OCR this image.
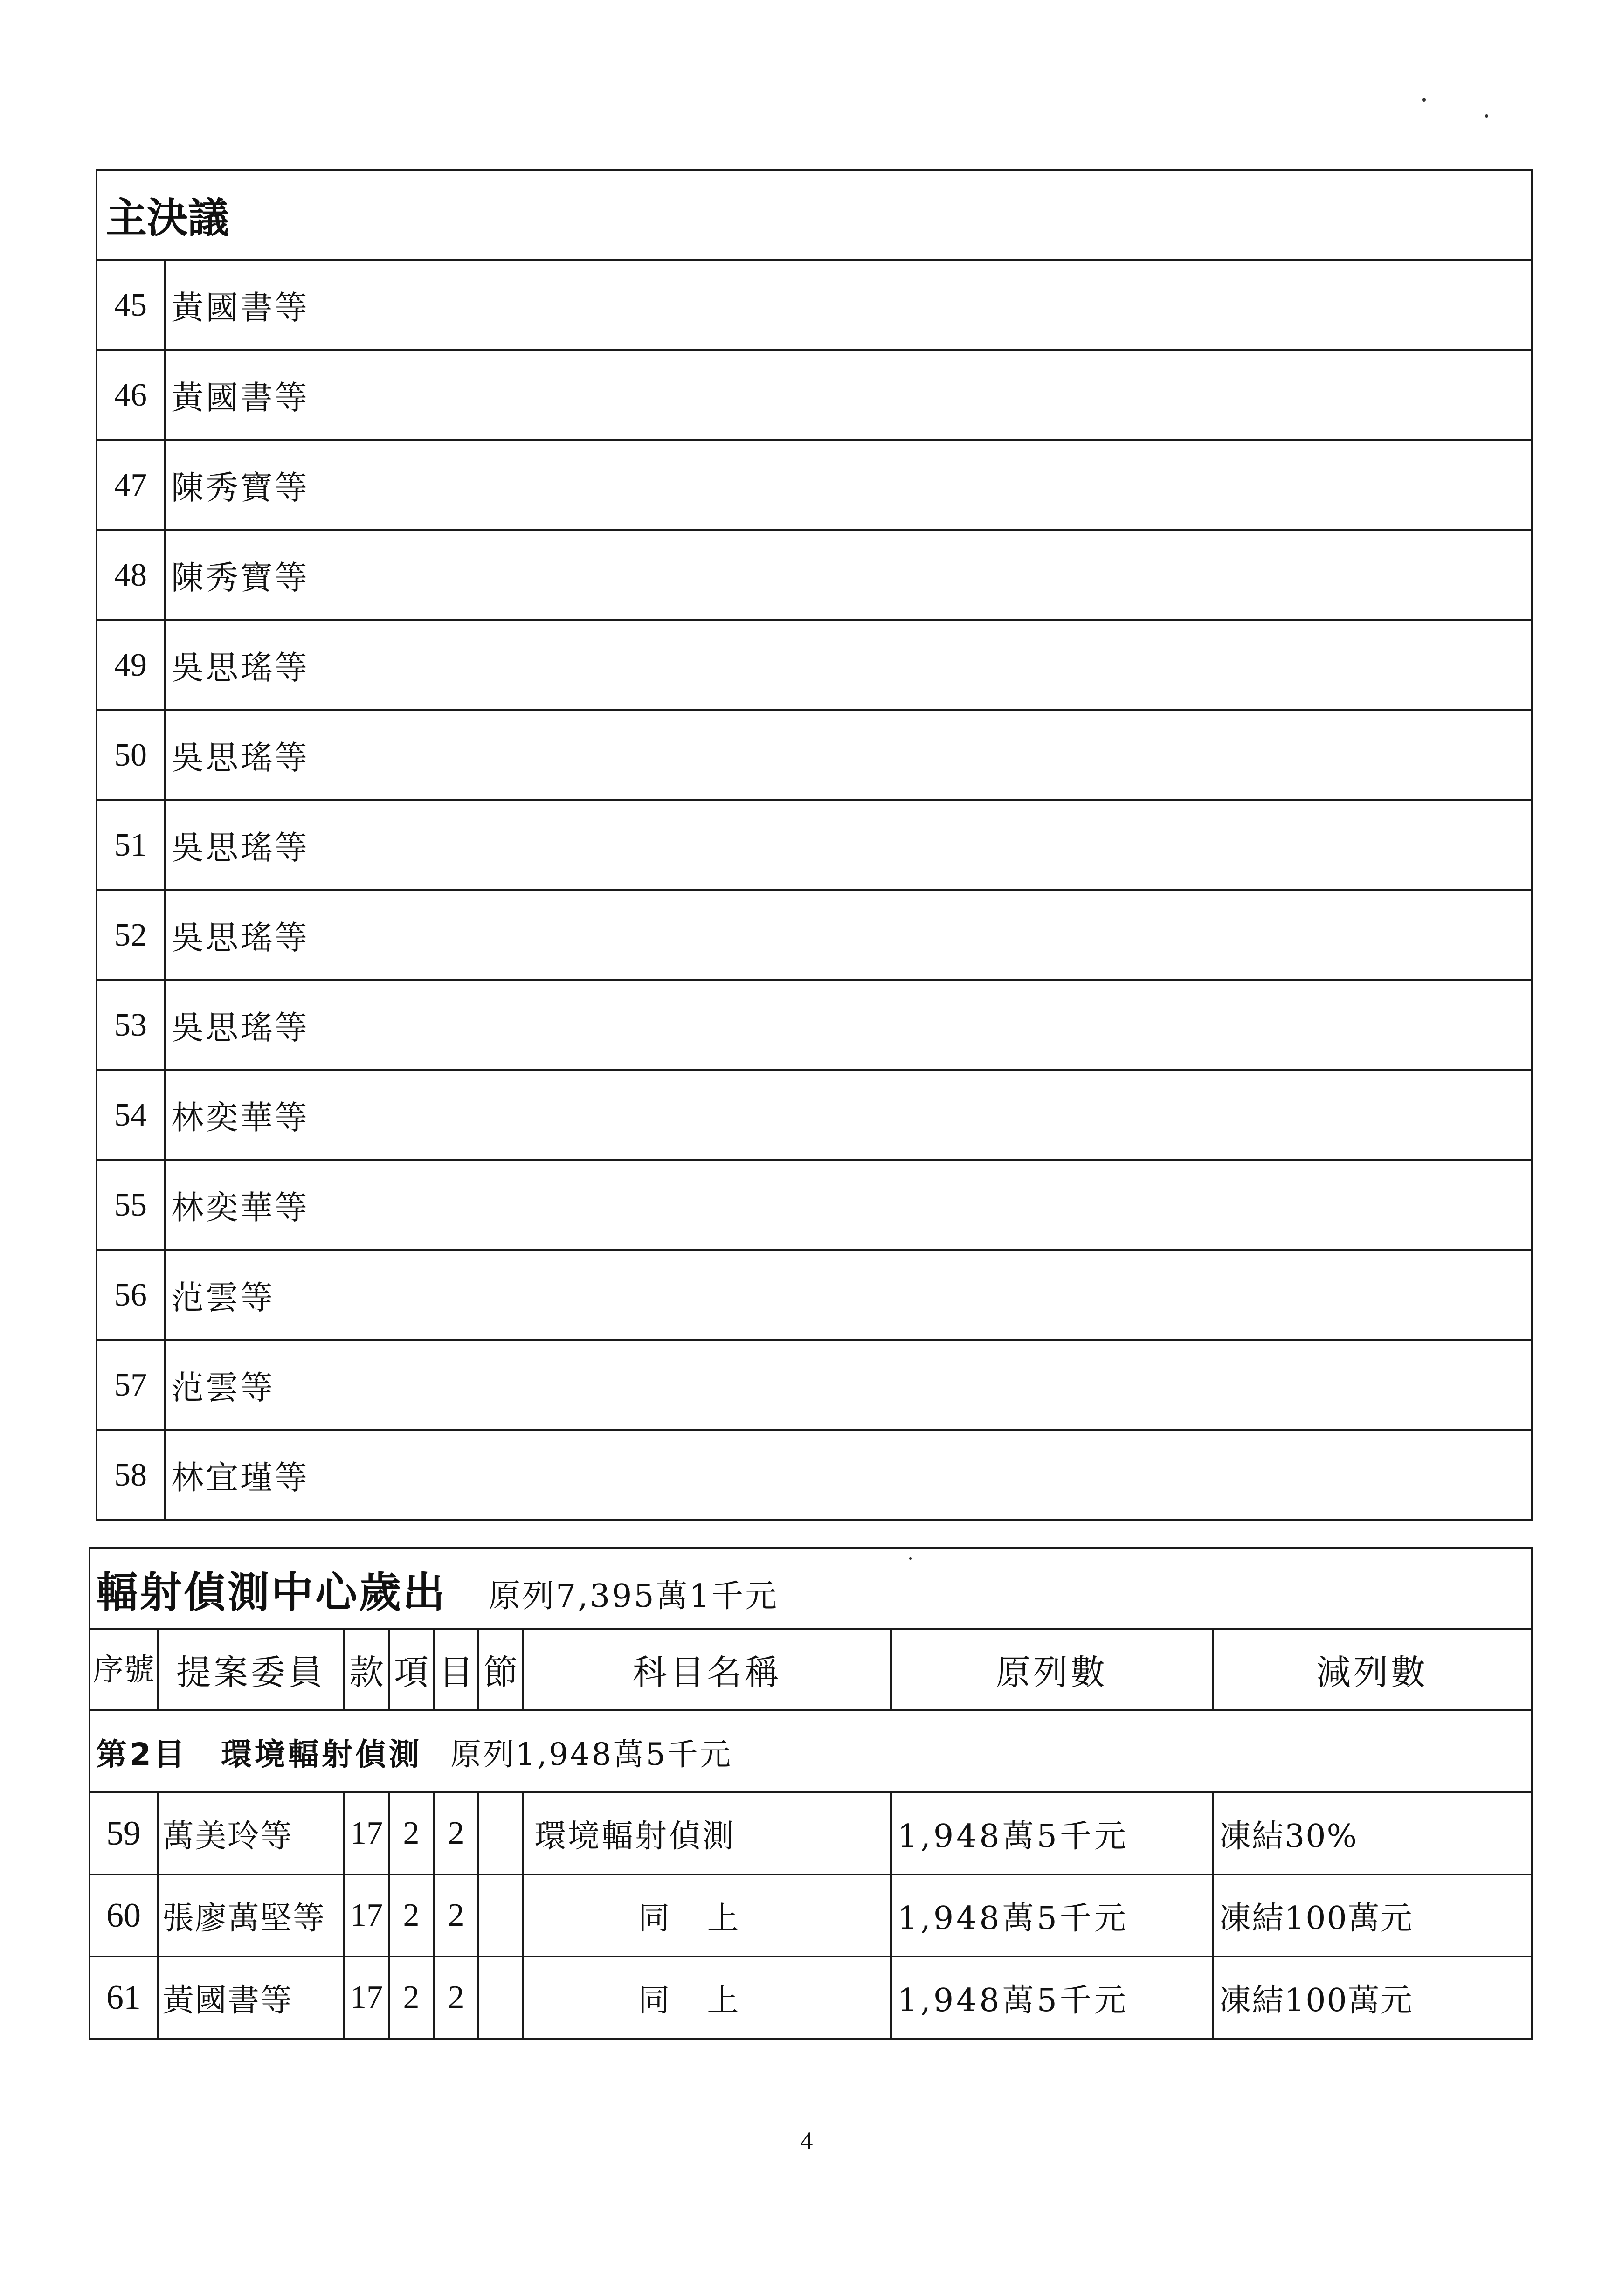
主決議	
45	黃國書等
46	黃國書等
47	陳秀寶等
48	陳秀寶等
49	吳思瑤等
50	吳思瑤等
51	吳思瑤等
52	吳思瑤等
53	吳思瑤等
54	林奕華等
55	林奕華等
56	范雲等
57	范雲等
58	林宜瑾等
輻射偵測中心歲出 原列7,395萬1千元								
序號	提案委員	款	項	目	節	科目名稱	原列數	減列數
第2目　環境輻射偵測 原列1,948萬5千元								
59	萬美玲等	17	2	2		環境輻射偵測	1,948萬5千元	凍結30%
60	張廖萬堅等	17	2	2		同上	1,948萬5千元	凍結100萬元
61	黃國書等	17	2	2		同上	1,948萬5千元	凍結100萬元
4
